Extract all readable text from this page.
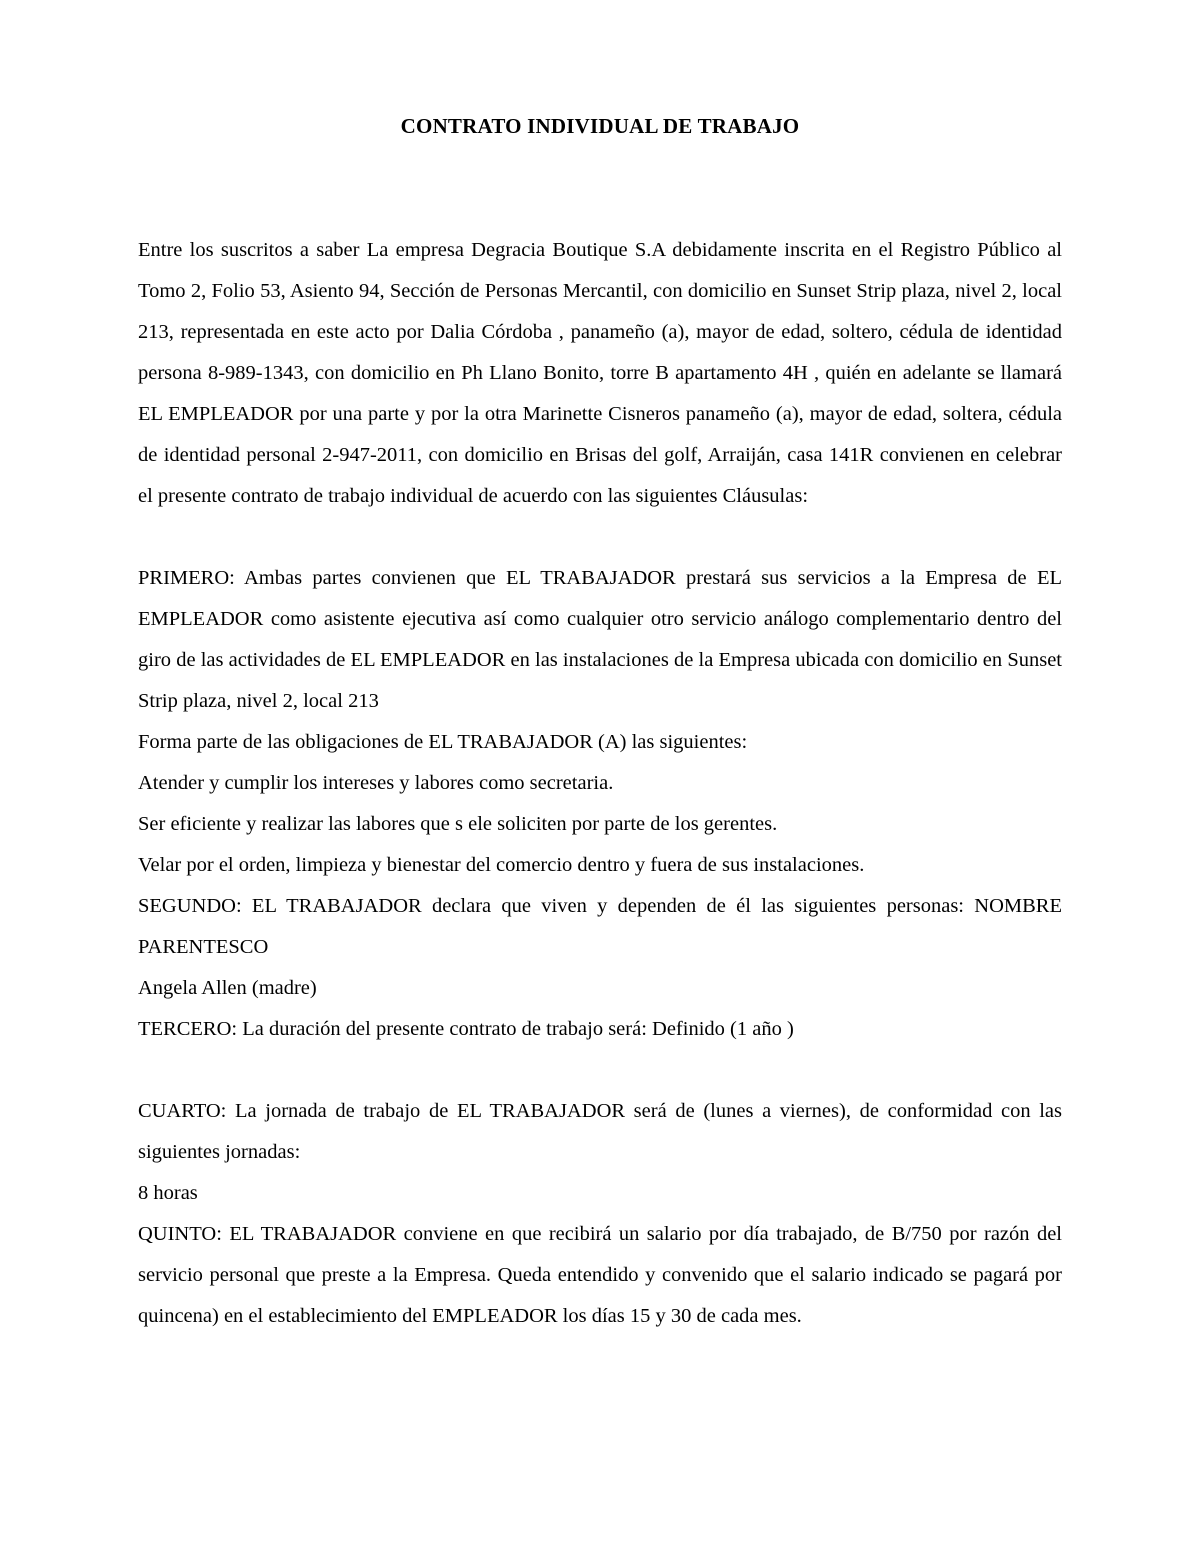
CONTRATO INDIVIDUAL DE TRABAJO

Entre los suscritos a saber La empresa Degracia Boutique S.A debidamente inscrita en el Registro Público al Tomo 2, Folio 53, Asiento 94, Sección de Personas Mercantil, con domicilio en Sunset Strip plaza, nivel 2, local 213, representada en este acto por Dalia Córdoba , panameño (a), mayor de edad, soltero, cédula de identidad persona 8-989-1343, con domicilio en Ph Llano Bonito, torre B apartamento 4H , quién en adelante se llamará EL EMPLEADOR por una parte y por la otra Marinette Cisneros panameño (a), mayor de edad, soltera, cédula de identidad personal 2-947-2011, con domicilio en Brisas del golf, Arraiján, casa 141R convienen en celebrar el presente contrato de trabajo individual de acuerdo con las siguientes Cláusulas:

PRIMERO: Ambas partes convienen que EL TRABAJADOR prestará sus servicios a la Empresa de EL EMPLEADOR como asistente ejecutiva así como cualquier otro servicio análogo complementario dentro del giro de las actividades de EL EMPLEADOR en las instalaciones de la Empresa ubicada con domicilio en Sunset Strip plaza, nivel 2, local 213

Forma parte de las obligaciones de EL TRABAJADOR (A) las siguientes:

Atender y cumplir los intereses y labores como secretaria.

Ser eficiente y realizar las labores que s ele soliciten por parte de los gerentes.

Velar por el orden, limpieza y bienestar del comercio dentro y fuera de sus instalaciones.

SEGUNDO: EL TRABAJADOR declara que viven y dependen de él las siguientes personas: NOMBRE PARENTESCO

Angela Allen (madre)

TERCERO: La duración del presente contrato de trabajo será: Definido (1 año )

CUARTO: La jornada de trabajo de EL TRABAJADOR será de (lunes a viernes), de conformidad con las siguientes jornadas:

8 horas

QUINTO: EL TRABAJADOR conviene en que recibirá un salario por día trabajado, de B/750 por razón del servicio personal que preste a la Empresa. Queda entendido y convenido que el salario indicado se pagará por quincena) en el establecimiento del EMPLEADOR los días 15 y 30 de cada mes.
